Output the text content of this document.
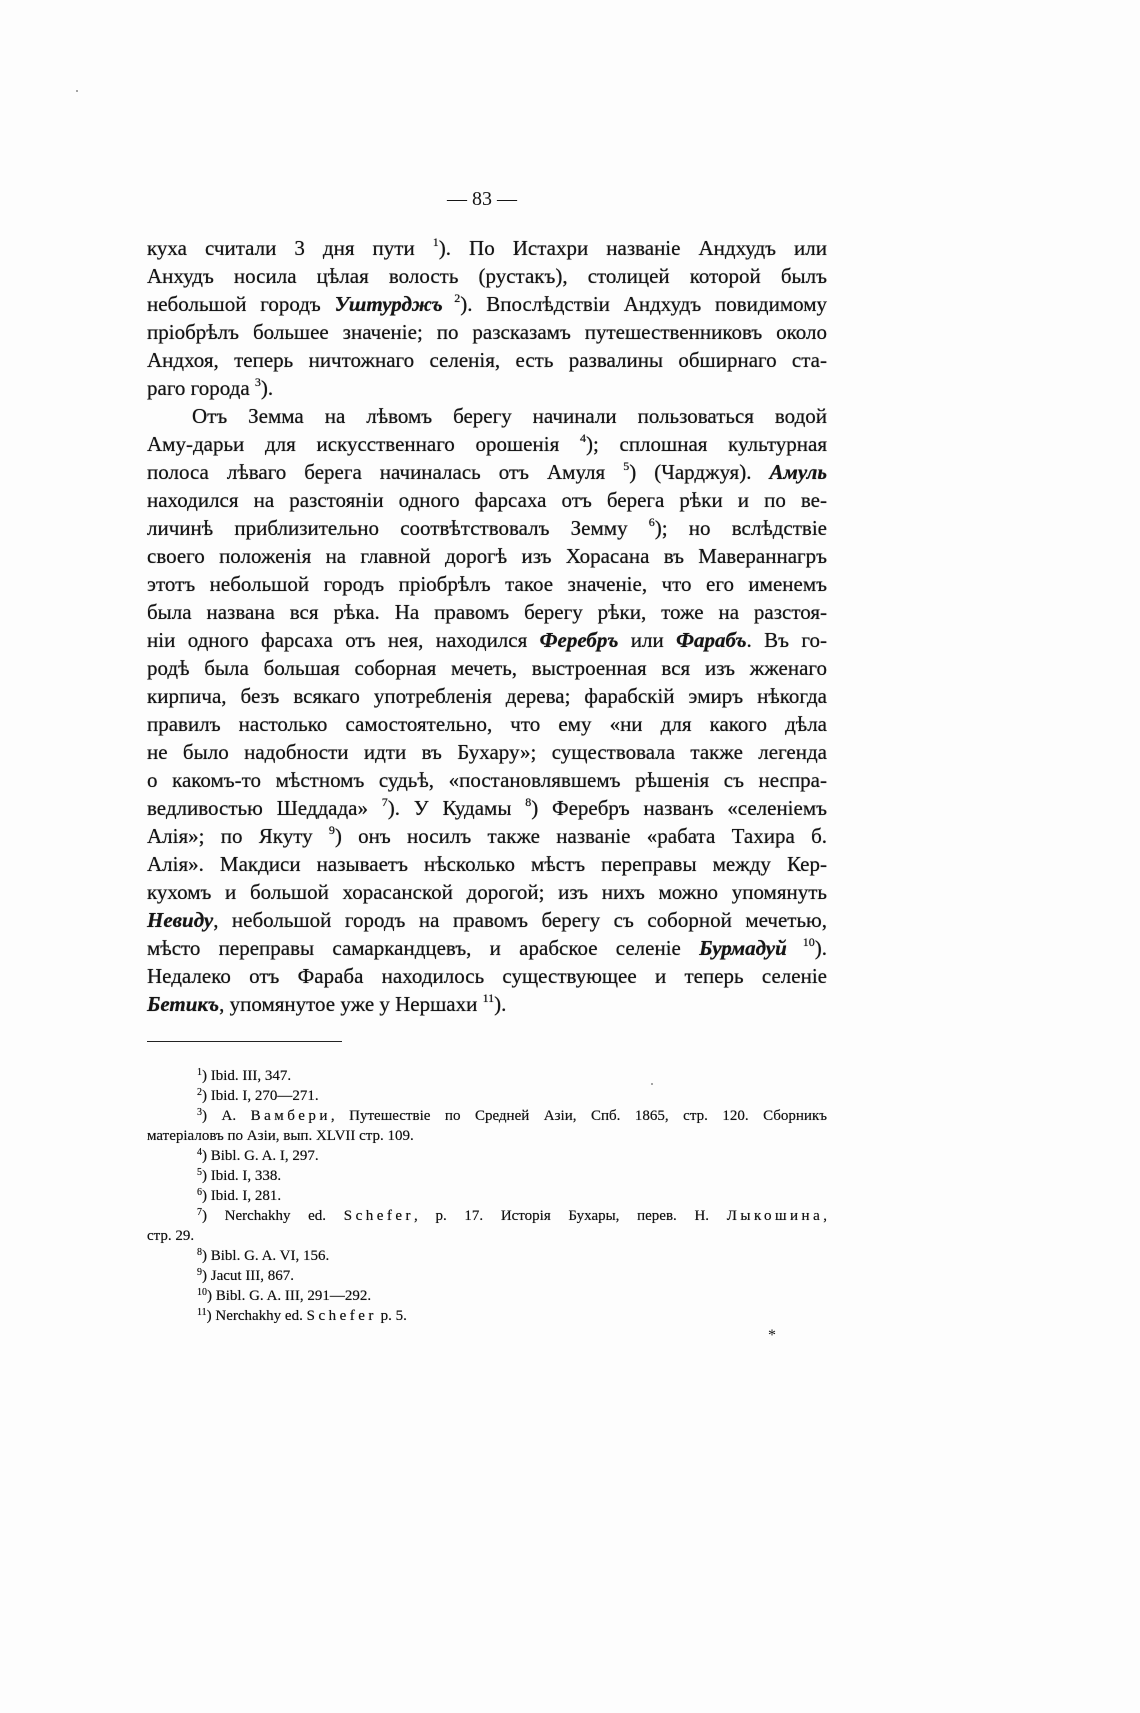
— 83 —
куха считали 3 дня пути $^1$). По Истахри названіе Андхудъ или
Анхудъ носила цѣлая волость (рустакъ), столицей которой былъ
небольшой городъ Уштурджъ $^2$). Впослѣдствіи Андхудъ повидимому
пріобрѣлъ большее значеніе; по разсказамъ путешественниковъ около
Андхоя, теперь ничтожнаго селенія, есть развалины обширнаго ста-
раго города $^3$).
Отъ Земма на лѣвомъ берегу начинали пользоваться водой
Аму-дарьи для искусственнаго орошенія $^4$); сплошная культурная
полоса лѣваго берега начиналась отъ Амуля $^5$) (Чарджуя). Амуль
находился на разстояніи одного фарсаха отъ берега рѣки и по ве-
личинѣ приблизительно соотвѣтствовалъ Земму $^6$); но вслѣдствіе
своего положенія на главной дорогѣ изъ Хорасана въ Мавераннагръ
этотъ небольшой городъ пріобрѣлъ такое значеніе, что его именемъ
была названа вся рѣка. На правомъ берегу рѣки, тоже на разстоя-
ніи одного фарсаха отъ нея, находился Феребръ или Фарабъ. Въ го-
родѣ была большая соборная мечеть, выстроенная вся изъ жженаго
кирпича, безъ всякаго употребленія дерева; фарабскій эмиръ нѣкогда
правилъ настолько самостоятельно, что ему «ни для какого дѣла
не было надобности идти въ Бухару»; существовала также легенда
о какомъ-то мѣстномъ судьѣ, «постановлявшемъ рѣшенія съ неспра-
ведливостью Шеддада» $^7$). У Кудамы $^8$) Феребръ названъ «селеніемъ
Алія»; по Якуту $^9$) онъ носилъ также названіе «рабата Тахира б.
Алія». Макдиси называетъ нѣсколько мѣстъ переправы между Кер-
кухомъ и большой хорасанской дорогой; изъ нихъ можно упомянуть
Невиду, небольшой городъ на правомъ берегу съ соборной мечетью,
мѣсто переправы самаркандцевъ, и арабское селеніе Бурмадуй $^{10}$).
Недалеко отъ Фараба находилось существующее и теперь селеніе
Бетикъ, упомянутое уже у Нершахи $^{11}$).
$^1$) Ibid. III, 347.
$^2$) Ibid. I, 270—271.
$^3$) А. Вамбери, Путешествіе по Средней Азіи, Спб. 1865, стр. 120. Сборникъ
матеріаловъ по Азіи, вып. XLVII стр. 109.
$^4$) Bibl. G. A. I, 297.
$^5$) Ibid. I, 338.
$^6$) Ibid. I, 281.
$^7$) Nerchakhy ed. Schefer, p. 17. Исторія Бухары, перев. Н. Лыкошина,
стр. 29.
$^8$) Bibl. G. A. VI, 156.
$^9$) Jacut III, 867.
$^{10}$) Bibl. G. A. III, 291—292.
$^{11}$) Nerchakhy ed. Schefer p. 5.
*
